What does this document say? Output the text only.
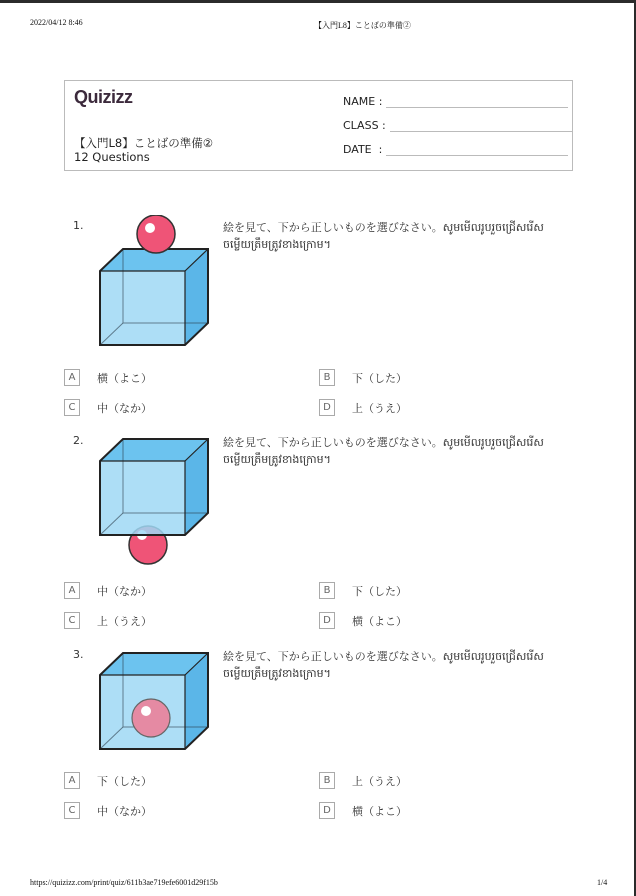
2022/04/12 8:46	【入門L8】ことばの準備②
Quizizz
【入門L8】ことばの準備②
12 Questions
NAME :
CLASS :
DATE  :
1.	絵を見て、下から正しいものを選びなさい。សូមមើលរូបរួចជ្រើសរើសចម្លើយត្រឹមត្រូវខាងក្រោម។
A	横（よこ）	B	下（した）
C	中（なか）	D	上（うえ）
2.	絵を見て、下から正しいものを選びなさい。សូមមើលរូបរួចជ្រើសរើសចម្លើយត្រឹមត្រូវខាងក្រោម។
A	中（なか）	B	下（した）
C	上（うえ）	D	横（よこ）
3.	絵を見て、下から正しいものを選びなさい。សូមមើលរូបរួចជ្រើសរើសចម្លើយត្រឹមត្រូវខាងក្រោម។
A	下（した）	B	上（うえ）
C	中（なか）	D	横（よこ）
https://quizizz.com/print/quiz/611b3ae719efe6001d29f15b	1/4
